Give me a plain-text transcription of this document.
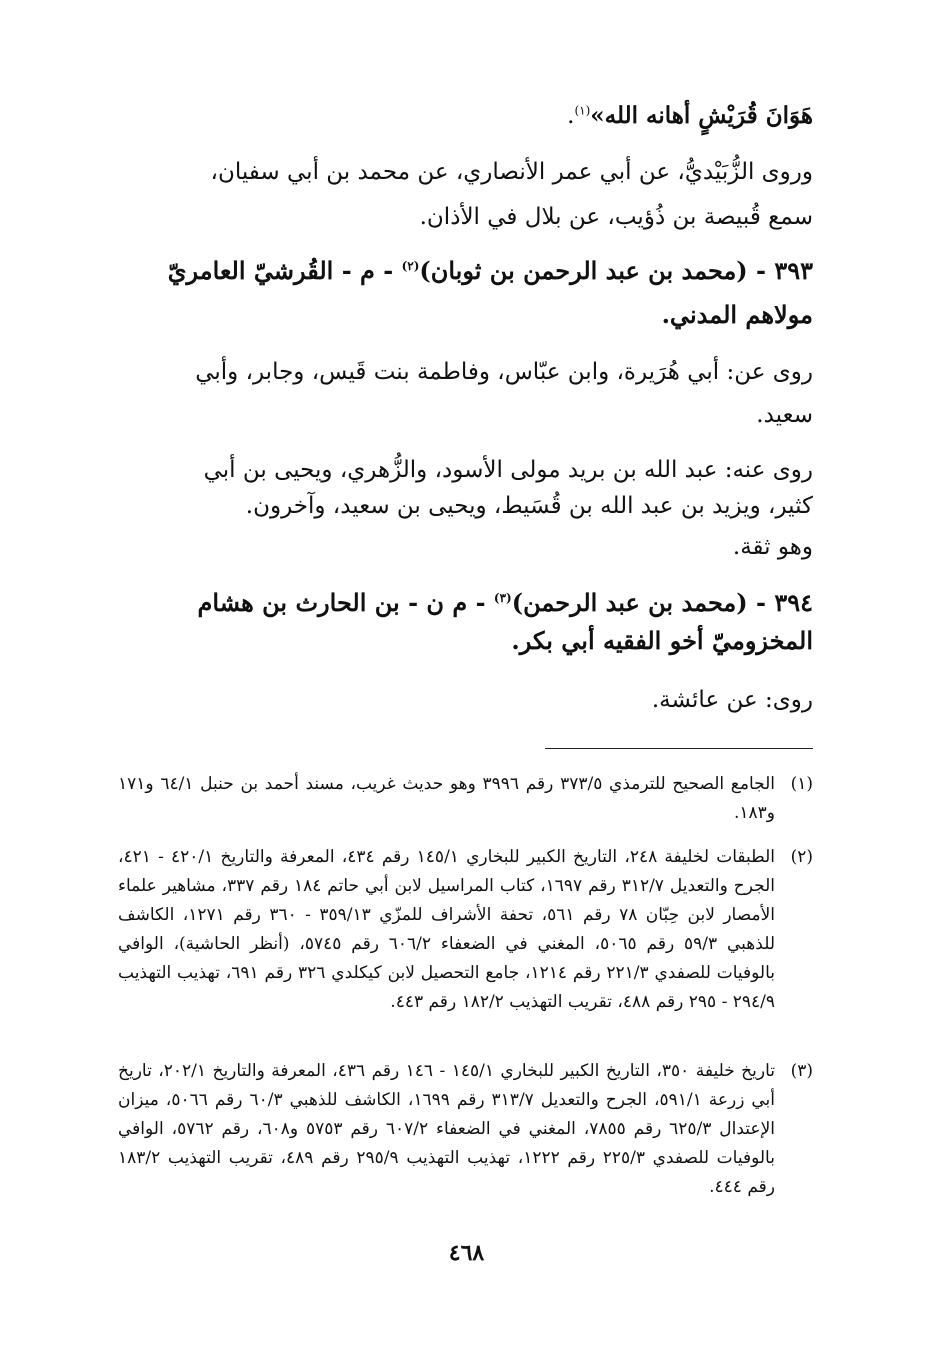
هَوَانَ قُرَيْشٍ أهانه الله»$^{(١)}$.
وروى الزُّبَيْديُّ، عن أبي عمر الأنصاري، عن محمد بن أبي سفيان،
سمع قُبيصة بن ذُؤيب، عن بلال في الأذان.
٣٩٣ - (محمد بن عبد الرحمن بن ثوبان)$^{(٢)}$ - م - القُرشيّ العامريّ
مولاهم المدني.
روى عن: أبي هُرَيرة، وابن عبّاس، وفاطمة بنت قَيس، وجابر، وأبي
سعيد.
روى عنه: عبد الله بن بريد مولى الأسود، والزُّهري، ويحيى بن أبي
كثير، ويزيد بن عبد الله بن قُسَيط، ويحيى بن سعيد، وآخرون.
وهو ثقة.
٣٩٤ - (محمد بن عبد الرحمن)$^{(٣)}$ - م ن - بن الحارث بن هشام
المخزوميّ أخو الفقيه أبي بكر.
روى: عن عائشة.
(١)
الجامع الصحيح للترمذي ٣٧٣/٥ رقم ٣٩٩٦ وهو حديث غريب، مسند أحمد بن حنبل ٦٤/١ و١٧١ و١٨٣.
(٢)
الطبقات لخليفة ٢٤٨، التاريخ الكبير للبخاري ١٤٥/١ رقم ٤٣٤، المعرفة والتاريخ ٤٢٠/١ - ٤٢١، الجرح والتعديل ٣١٢/٧ رقم ١٦٩٧، كتاب المراسيل لابن أبي حاتم ١٨٤ رقم ٣٣٧، مشاهير علماء الأمصار لابن حِبّان ٧٨ رقم ٥٦١، تحفة الأشراف للمزّي ٣٥٩/١٣ - ٣٦٠ رقم ١٢٧١، الكاشف للذهبي ٥٩/٣ رقم ٥٠٦٥، المغني في الضعفاء ٦٠٦/٢ رقم ٥٧٤٥، (أنظر الحاشية)، الوافي بالوفيات للصفدي ٢٢١/٣ رقم ١٢١٤، جامع التحصيل لابن كيكلدي ٣٢٦ رقم ٦٩١، تهذيب التهذيب ٢٩٤/٩ - ٢٩٥ رقم ٤٨٨، تقريب التهذيب ١٨٢/٢ رقم ٤٤٣.
(٣)
تاريخ خليفة ٣٥٠، التاريخ الكبير للبخاري ١٤٥/١ - ١٤٦ رقم ٤٣٦، المعرفة والتاريخ ٢٠٢/١، تاريخ أبي زرعة ٥٩١/١، الجرح والتعديل ٣١٣/٧ رقم ١٦٩٩، الكاشف للذهبي ٦٠/٣ رقم ٥٠٦٦، ميزان الإعتدال ٦٢٥/٣ رقم ٧٨٥٥، المغني في الضعفاء ٦٠٧/٢ رقم ٥٧٥٣ و٦٠٨، رقم ٥٧٦٢، الوافي بالوفيات للصفدي ٢٢٥/٣ رقم ١٢٢٢، تهذيب التهذيب ٢٩٥/٩ رقم ٤٨٩، تقريب التهذيب ١٨٣/٢ رقم ٤٤٤.
٤٦٨
